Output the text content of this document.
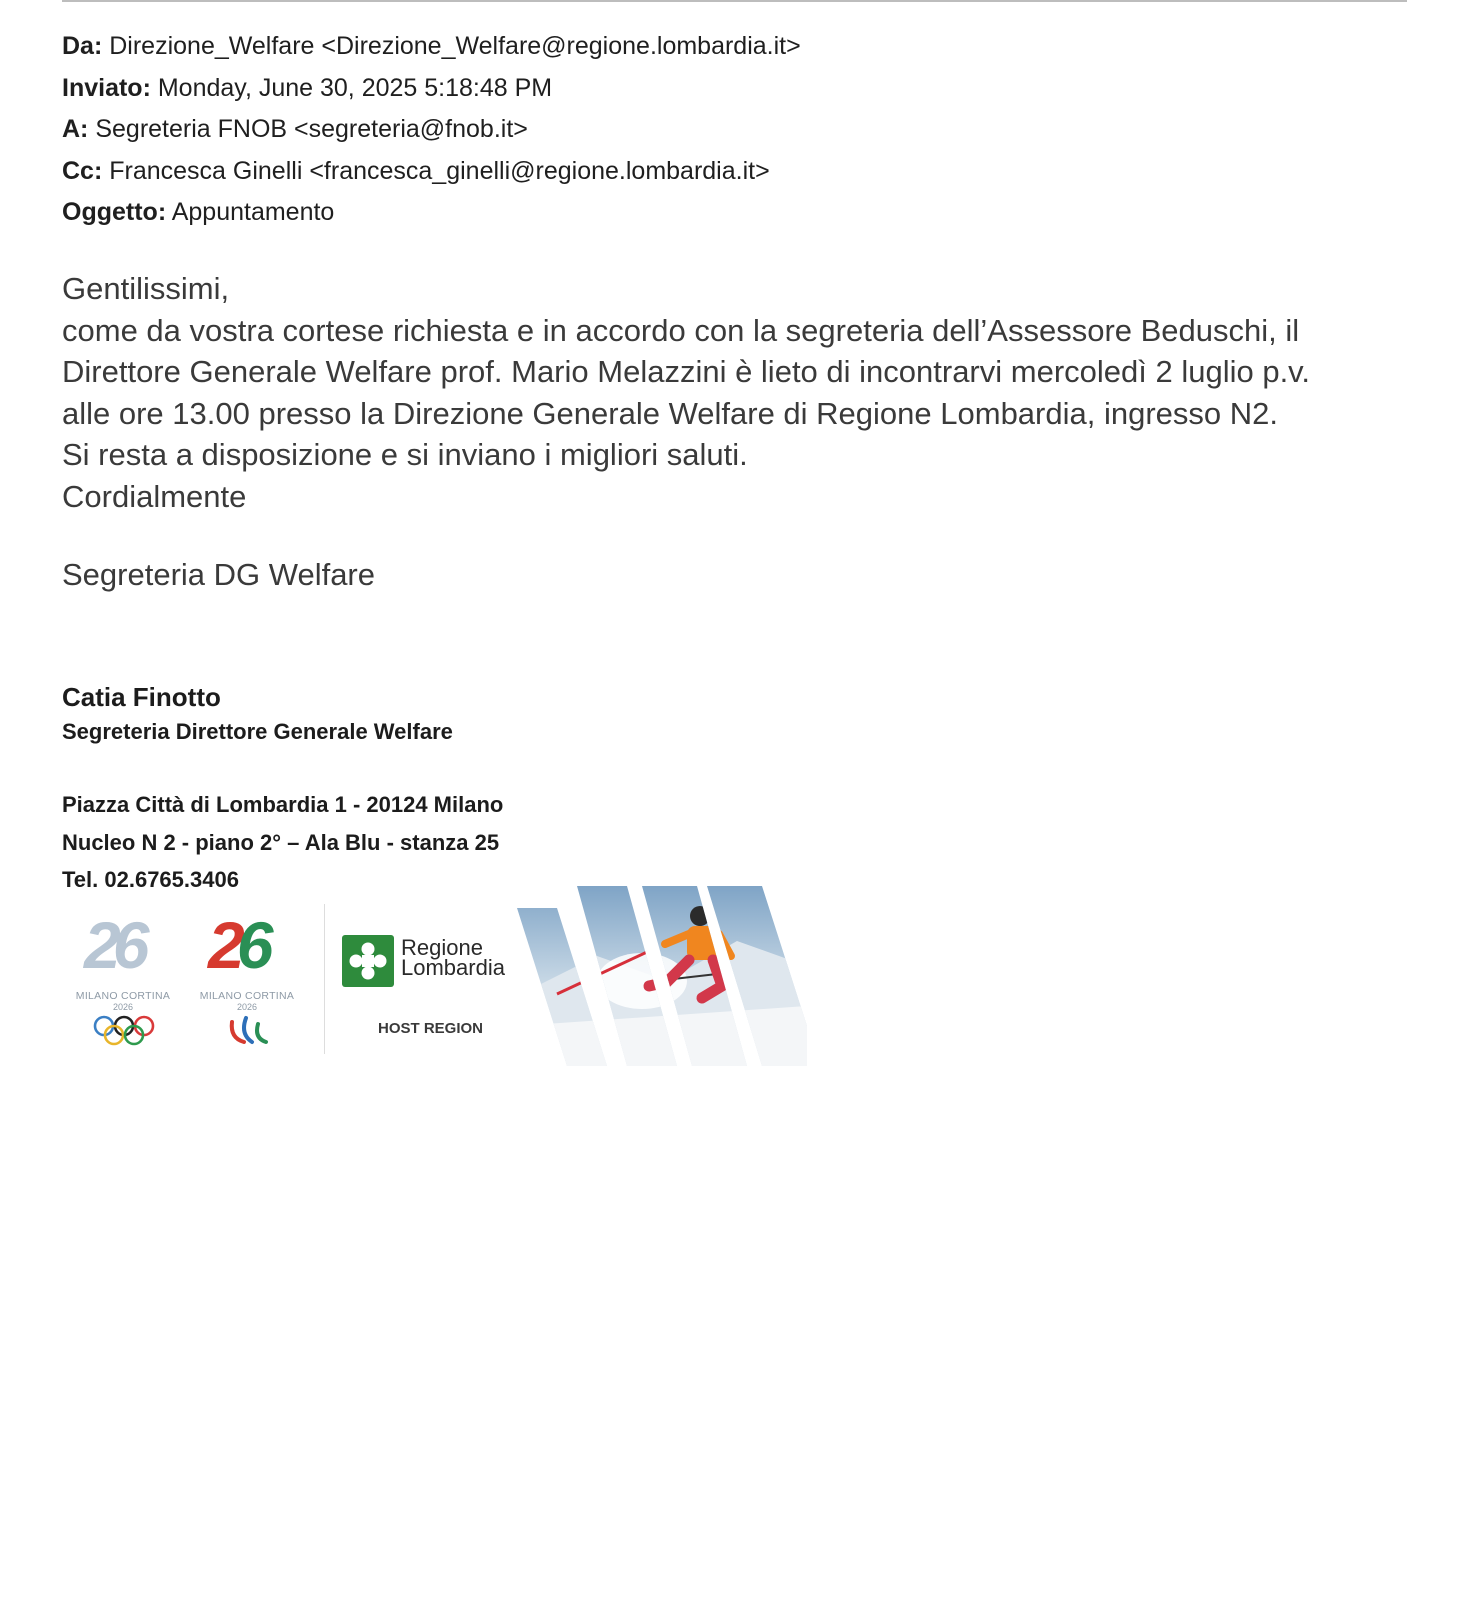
Da: Direzione_Welfare <Direzione_Welfare@regione.lombardia.it>
Inviato: Monday, June 30, 2025 5:18:48 PM
A: Segreteria FNOB <segreteria@fnob.it>
Cc: Francesca Ginelli <francesca_ginelli@regione.lombardia.it>
Oggetto: Appuntamento
Gentilissimi,
come da vostra cortese richiesta e in accordo con la segreteria dell’Assessore Beduschi, il
Direttore Generale Welfare prof. Mario Melazzini è lieto di incontrarvi mercoledì 2 luglio p.v.
alle ore 13.00 presso la Direzione Generale Welfare di Regione Lombardia, ingresso N2.
Si resta a disposizione e si inviano i migliori saluti.
Cordialmente
Segreteria DG Welfare
Catia Finotto
Segreteria Direttore Generale Welfare
Piazza Città di Lombardia 1 - 20124 Milano
Nucleo N 2 - piano 2° – Ala Blu - stanza 25
Tel. 02.6765.3406
26
MILANO CORTINA
2026
26
MILANO CORTINA
2026
Regione
Lombardia
HOST REGION
